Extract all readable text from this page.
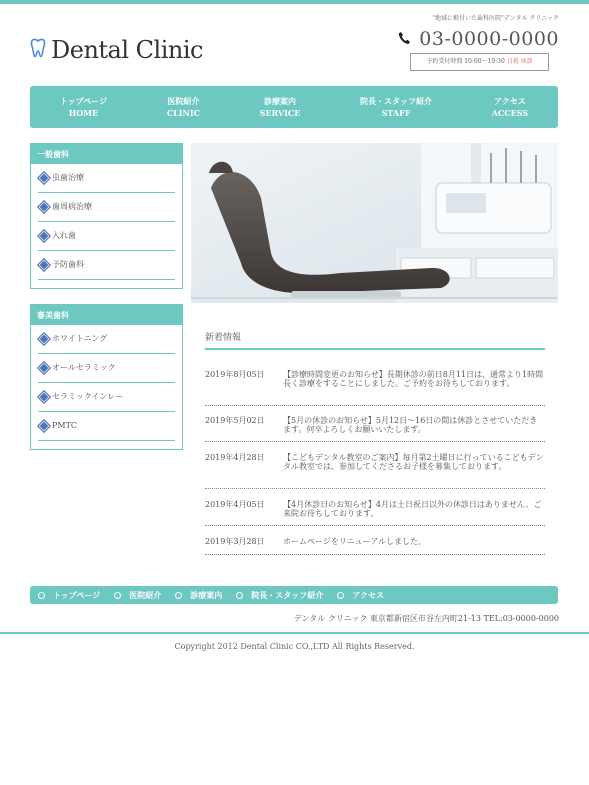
"地域に根付いた歯科医院"デンタル クリニック
Dental Clinic	03-0000-0000
予約受付時間 10:00～19:30 日祝 休診
トップページ
HOME
医院紹介
CLINIC
診療案内
SERVICE
院長・スタッフ紹介
STAFF
アクセス
ACCESS
一般歯科
虫歯治療
歯周病治療
入れ歯
予防歯科
審美歯科
ホワイトニング
オールセラミック
セラミックインレー
PMTC
新着情報
2019年8月05日	【診療時間変更のお知らせ】長期休診の前日8月11日は、通常より1時間長く診療をすることにしました。ご予約をお待ちしております。
2019年5月02日	【5月の休診のお知らせ】5月12日～16日の間は休診とさせていただきます。何卒よろしくお願いいたします。
2019年4月28日	【こどもデンタル教室のご案内】毎月第2土曜日に行っているこどもデンタル教室では、参加してくださるお子様を募集しております。
2019年4月05日	【4月休診日のお知らせ】4月は土日祝日以外の休診日はありません。ご来院お待ちしております。
2019年3月28日	ホームページをリニューアルしました。
トップページ	医院紹介	診療案内	院長・スタッフ紹介	アクセス
デンタル クリニック 東京都新宿区市谷左内町21-13 TEL:03-0000-0000
Copyright 2012 Dental Clinic CO.,LTD All Rights Reserved.
